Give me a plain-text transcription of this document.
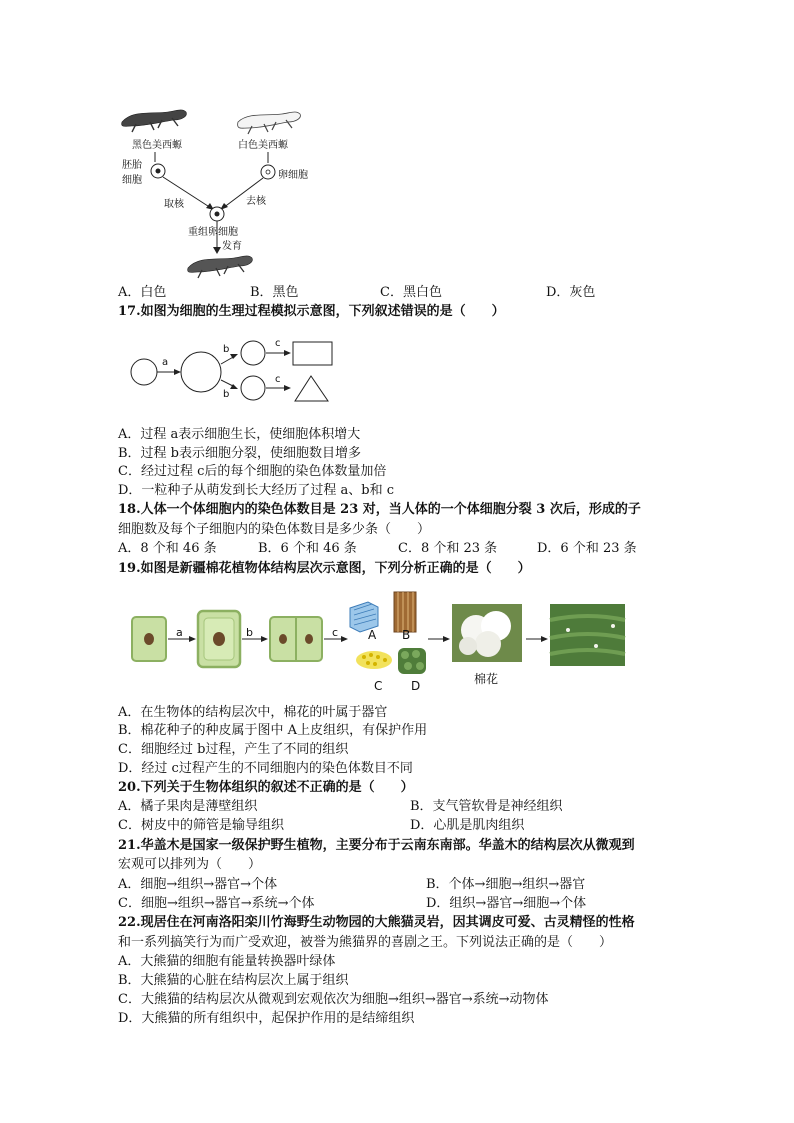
黑色美西螈	白色美西螈
胚胎
细胞	卵细胞
取核	去核
重组卵细胞
发育
A．白色	B．黑色	C．黑白色	D．灰色
17.如图为细胞的生理过程模拟示意图，下列叙述错误的是（　　）
a
b
b
c
c
A．过程 a表示细胞生长，使细胞体积增大
B．过程 b表示细胞分裂，使细胞数目增多
C．经过过程 c后的每个细胞的染色体数量加倍
D．一粒种子从萌发到长大经历了过程 a、b和 c
18.人体一个体细胞内的染色体数目是 23 对，当人体的一个体细胞分裂 3 次后，形成的子
细胞数及每个子细胞内的染色体数目是多少条（　　）
A．8 个和 46 条	B．6 个和 46 条	C．8 个和 23 条	D．6 个和 23 条
19.如图是新疆棉花植物体结构层次示意图，下列分析正确的是（　　）
a	b	c A B
C D	棉花
A．在生物体的结构层次中，棉花的叶属于器官
B．棉花种子的种皮属于图中 A上皮组织，有保护作用
C．细胞经过 b过程，产生了不同的组织
D．经过 c过程产生的不同细胞内的染色体数目不同
20.下列关于生物体组织的叙述不正确的是（　　）
A．橘子果肉是薄壁组织	B．支气管软骨是神经组织
C．树皮中的筛管是输导组织	D．心肌是肌肉组织
21.华盖木是国家一级保护野生植物，主要分布于云南东南部。华盖木的结构层次从微观到
宏观可以排列为（　　）
A．细胞→组织→器官→个体	B．个体→细胞→组织→器官
C．细胞→组织→器官→系统→个体	D．组织→器官→细胞→个体
22.现居住在河南洛阳栾川竹海野生动物园的大熊猫灵岩，因其调皮可爱、古灵精怪的性格
和一系列搞笑行为而广受欢迎，被誉为熊猫界的喜剧之王。下列说法正确的是（　　）
A．大熊猫的细胞有能量转换器叶绿体
B．大熊猫的心脏在结构层次上属于组织
C．大熊猫的结构层次从微观到宏观依次为细胞→组织→器官→系统→动物体
D．大熊猫的所有组织中，起保护作用的是结缔组织
